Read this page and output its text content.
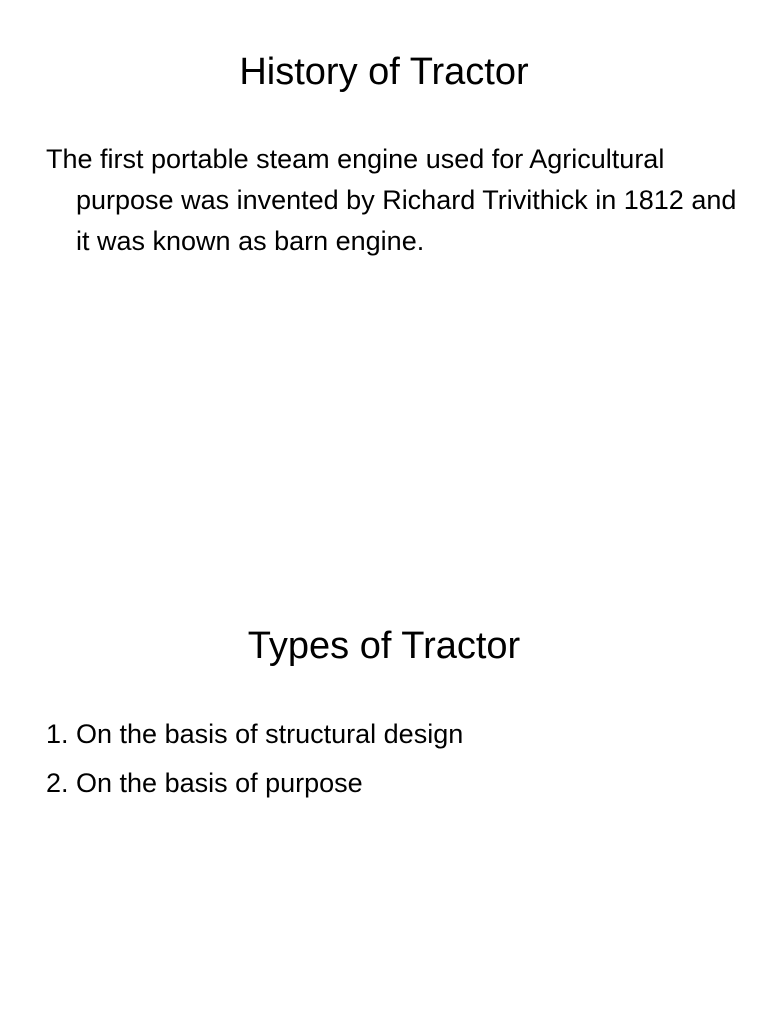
History of Tractor

The first portable steam engine used for Agricultural purpose was invented by Richard Trivithick in 1812 and it was known as barn engine.

Types of Tractor
1. On the basis of structural design
2. On the basis of purpose
